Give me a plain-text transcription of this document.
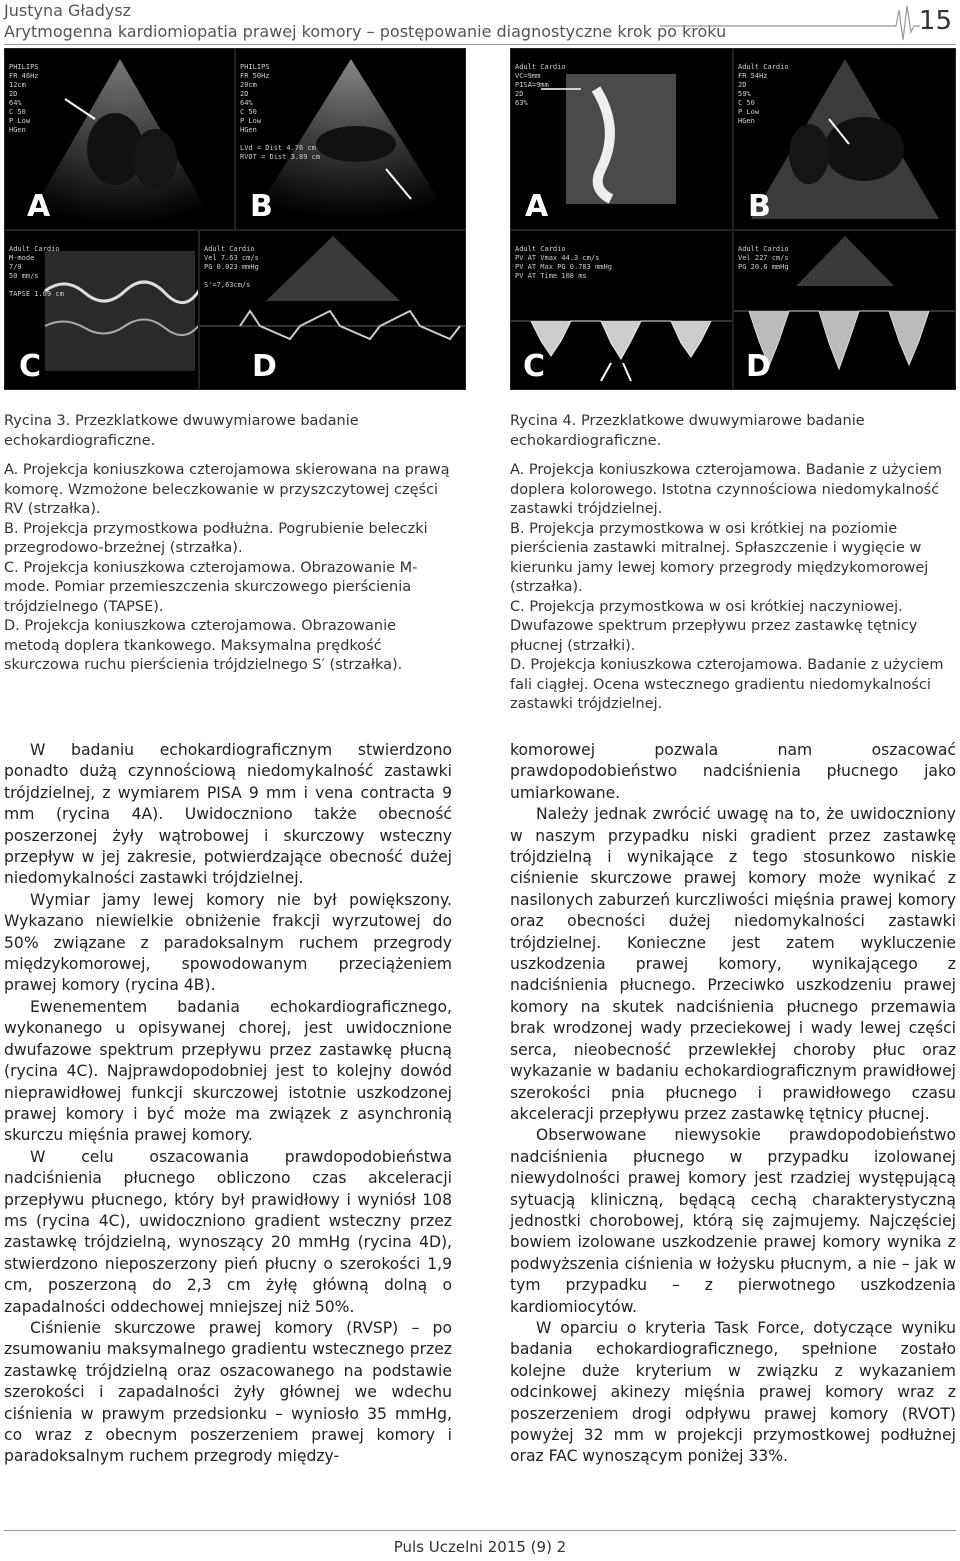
Justyna Gładysz
Arytmogenna kardiomiopatia prawej komory – postępowanie diagnostyczne krok po kroku	15
PHILIPS
FR 46Hz
12cm
2D
64%
C 50
P Low
HGen
A
PHILIPS
FR 50Hz
20cm
2D
64%
C 50
P Low
HGen

LVd = Dist 4.76 cm
RVOT = Dist 3.89 cm
B
Adult Cardio
M-mode
7/9
50 mm/s

TAPSE 1.69 cm
C
Adult Cardio
Vel 7.63 cm/s
PG 0.023 mmHg

S'=7,63cm/s
D
Adult Cardio
VC=9mm
PISA=9mm
2D
63%
A
Adult Cardio
FR 54Hz
2D
59%
C 50
P Low
HGen
B
Adult Cardio
PV AT Vmax 44.3 cm/s
PV AT Max PG 0.783 mmHg
PV AT Time 108 ms
C
Adult Cardio
Vel 227 cm/s
PG 20.6 mmHg
D

Rycina 3. Przezklatkowe dwuwymiarowe badanie echokardiograficzne.

A. Projekcja koniuszkowa czterojamowa skierowana na prawą komorę. Wzmożone beleczkowanie w przyszczytowej części RV (strzałka).

B. Projekcja przymostkowa podłużna. Pogrubienie beleczki przegrodowo-brzeżnej (strzałka).

C. Projekcja koniuszkowa czterojamowa. Obrazowanie M-mode. Pomiar przemieszczenia skurczowego pierścienia trójdzielnego (TAPSE).

D. Projekcja koniuszkowa czterojamowa. Obrazowanie metodą doplera tkankowego. Maksymalna prędkość skurczowa ruchu pierścienia trójdzielnego S′ (strzałka).

Rycina 4. Przezklatkowe dwuwymiarowe badanie echokardiograficzne.

A. Projekcja koniuszkowa czterojamowa. Badanie z użyciem doplera kolorowego. Istotna czynnościowa niedomykalność zastawki trójdzielnej.

B. Projekcja przymostkowa w osi krótkiej na poziomie pierścienia zastawki mitralnej. Spłaszczenie i wygięcie w kierunku jamy lewej komory przegrody międzykomorowej (strzałka).

C. Projekcja przymostkowa w osi krótkiej naczyniowej. Dwufazowe spektrum przepływu przez zastawkę tętnicy płucnej (strzałki).

D. Projekcja koniuszkowa czterojamowa. Badanie z użyciem fali ciągłej. Ocena wstecznego gradientu niedomykalności zastawki trójdzielnej.

W badaniu echokardiograficznym stwierdzono ponadto dużą czynnościową niedomykalność zastawki trójdzielnej, z wymiarem PISA 9 mm i vena contracta 9 mm (rycina 4A). Uwidoczniono także obecność poszerzonej żyły wątrobowej i skurczowy wsteczny przepływ w jej zakresie, potwierdzające obecność dużej niedomykalności zastawki trójdzielnej.

Wymiar jamy lewej komory nie był powiększony. Wykazano niewielkie obniżenie frakcji wyrzutowej do 50% związane z paradoksalnym ruchem przegrody międzykomorowej, spowodowanym przeciążeniem prawej komory (rycina 4B).

Ewenementem badania echokardiograficznego, wykonanego u opisywanej chorej, jest uwidocznione dwufazowe spektrum przepływu przez zastawkę płucną (rycina 4C). Najprawdopodobniej jest to kolejny dowód nieprawidłowej funkcji skurczowej istotnie uszkodzonej prawej komory i być może ma związek z asynchronią skurczu mięśnia prawej komory.

W celu oszacowania prawdopodobieństwa nadciśnienia płucnego obliczono czas akceleracji przepływu płucnego, który był prawidłowy i wyniósł 108 ms (rycina 4C), uwidoczniono gradient wsteczny przez zastawkę trójdzielną, wynoszący 20 mmHg (rycina 4D), stwierdzono nieposzerzony pień płucny o szerokości 1,9 cm, poszerzoną do 2,3 cm żyłę główną dolną o zapadalności oddechowej mniejszej niż 50%.

Ciśnienie skurczowe prawej komory (RVSP) – po zsumowaniu maksymalnego gradientu wstecznego przez zastawkę trójdzielną oraz oszacowanego na podstawie szerokości i zapadalności żyły głównej we wdechu ciśnienia w prawym przedsionku – wyniosło 35 mmHg, co wraz z obecnym poszerzeniem prawej komory i paradoksalnym ruchem przegrody między-

komorowej pozwala nam oszacować prawdopodobieństwo nadciśnienia płucnego jako umiarkowane.

Należy jednak zwrócić uwagę na to, że uwidoczniony w naszym przypadku niski gradient przez zastawkę trójdzielną i wynikające z tego stosunkowo niskie ciśnienie skurczowe prawej komory może wynikać z nasilonych zaburzeń kurczliwości mięśnia prawej komory oraz obecności dużej niedomykalności zastawki trójdzielnej. Konieczne jest zatem wykluczenie uszkodzenia prawej komory, wynikającego z nadciśnienia płucnego. Przeciwko uszkodzeniu prawej komory na skutek nadciśnienia płucnego przemawia brak wrodzonej wady przeciekowej i wady lewej części serca, nieobecność przewlekłej choroby płuc oraz wykazanie w badaniu echokardiograficznym prawidłowej szerokości pnia płucnego i prawidłowego czasu akceleracji przepływu przez zastawkę tętnicy płucnej.

Obserwowane niewysokie prawdopodobieństwo nadciśnienia płucnego w przypadku izolowanej niewydolności prawej komory jest rzadziej występującą sytuacją kliniczną, będącą cechą charakterystyczną jednostki chorobowej, którą się zajmujemy. Najczęściej bowiem izolowane uszkodzenie prawej komory wynika z podwyższenia ciśnienia w łożysku płucnym, a nie – jak w tym przypadku – z pierwotnego uszkodzenia kardiomiocytów.

W oparciu o kryteria Task Force, dotyczące wyniku badania echokardiograficznego, spełnione zostało kolejne duże kryterium w związku z wykazaniem odcinkowej akinezy mięśnia prawej komory wraz z poszerzeniem drogi odpływu prawej komory (RVOT) powyżej 32 mm w projekcji przymostkowej podłużnej oraz FAC wynoszącym poniżej 33%.

Puls Uczelni 2015 (9) 2
